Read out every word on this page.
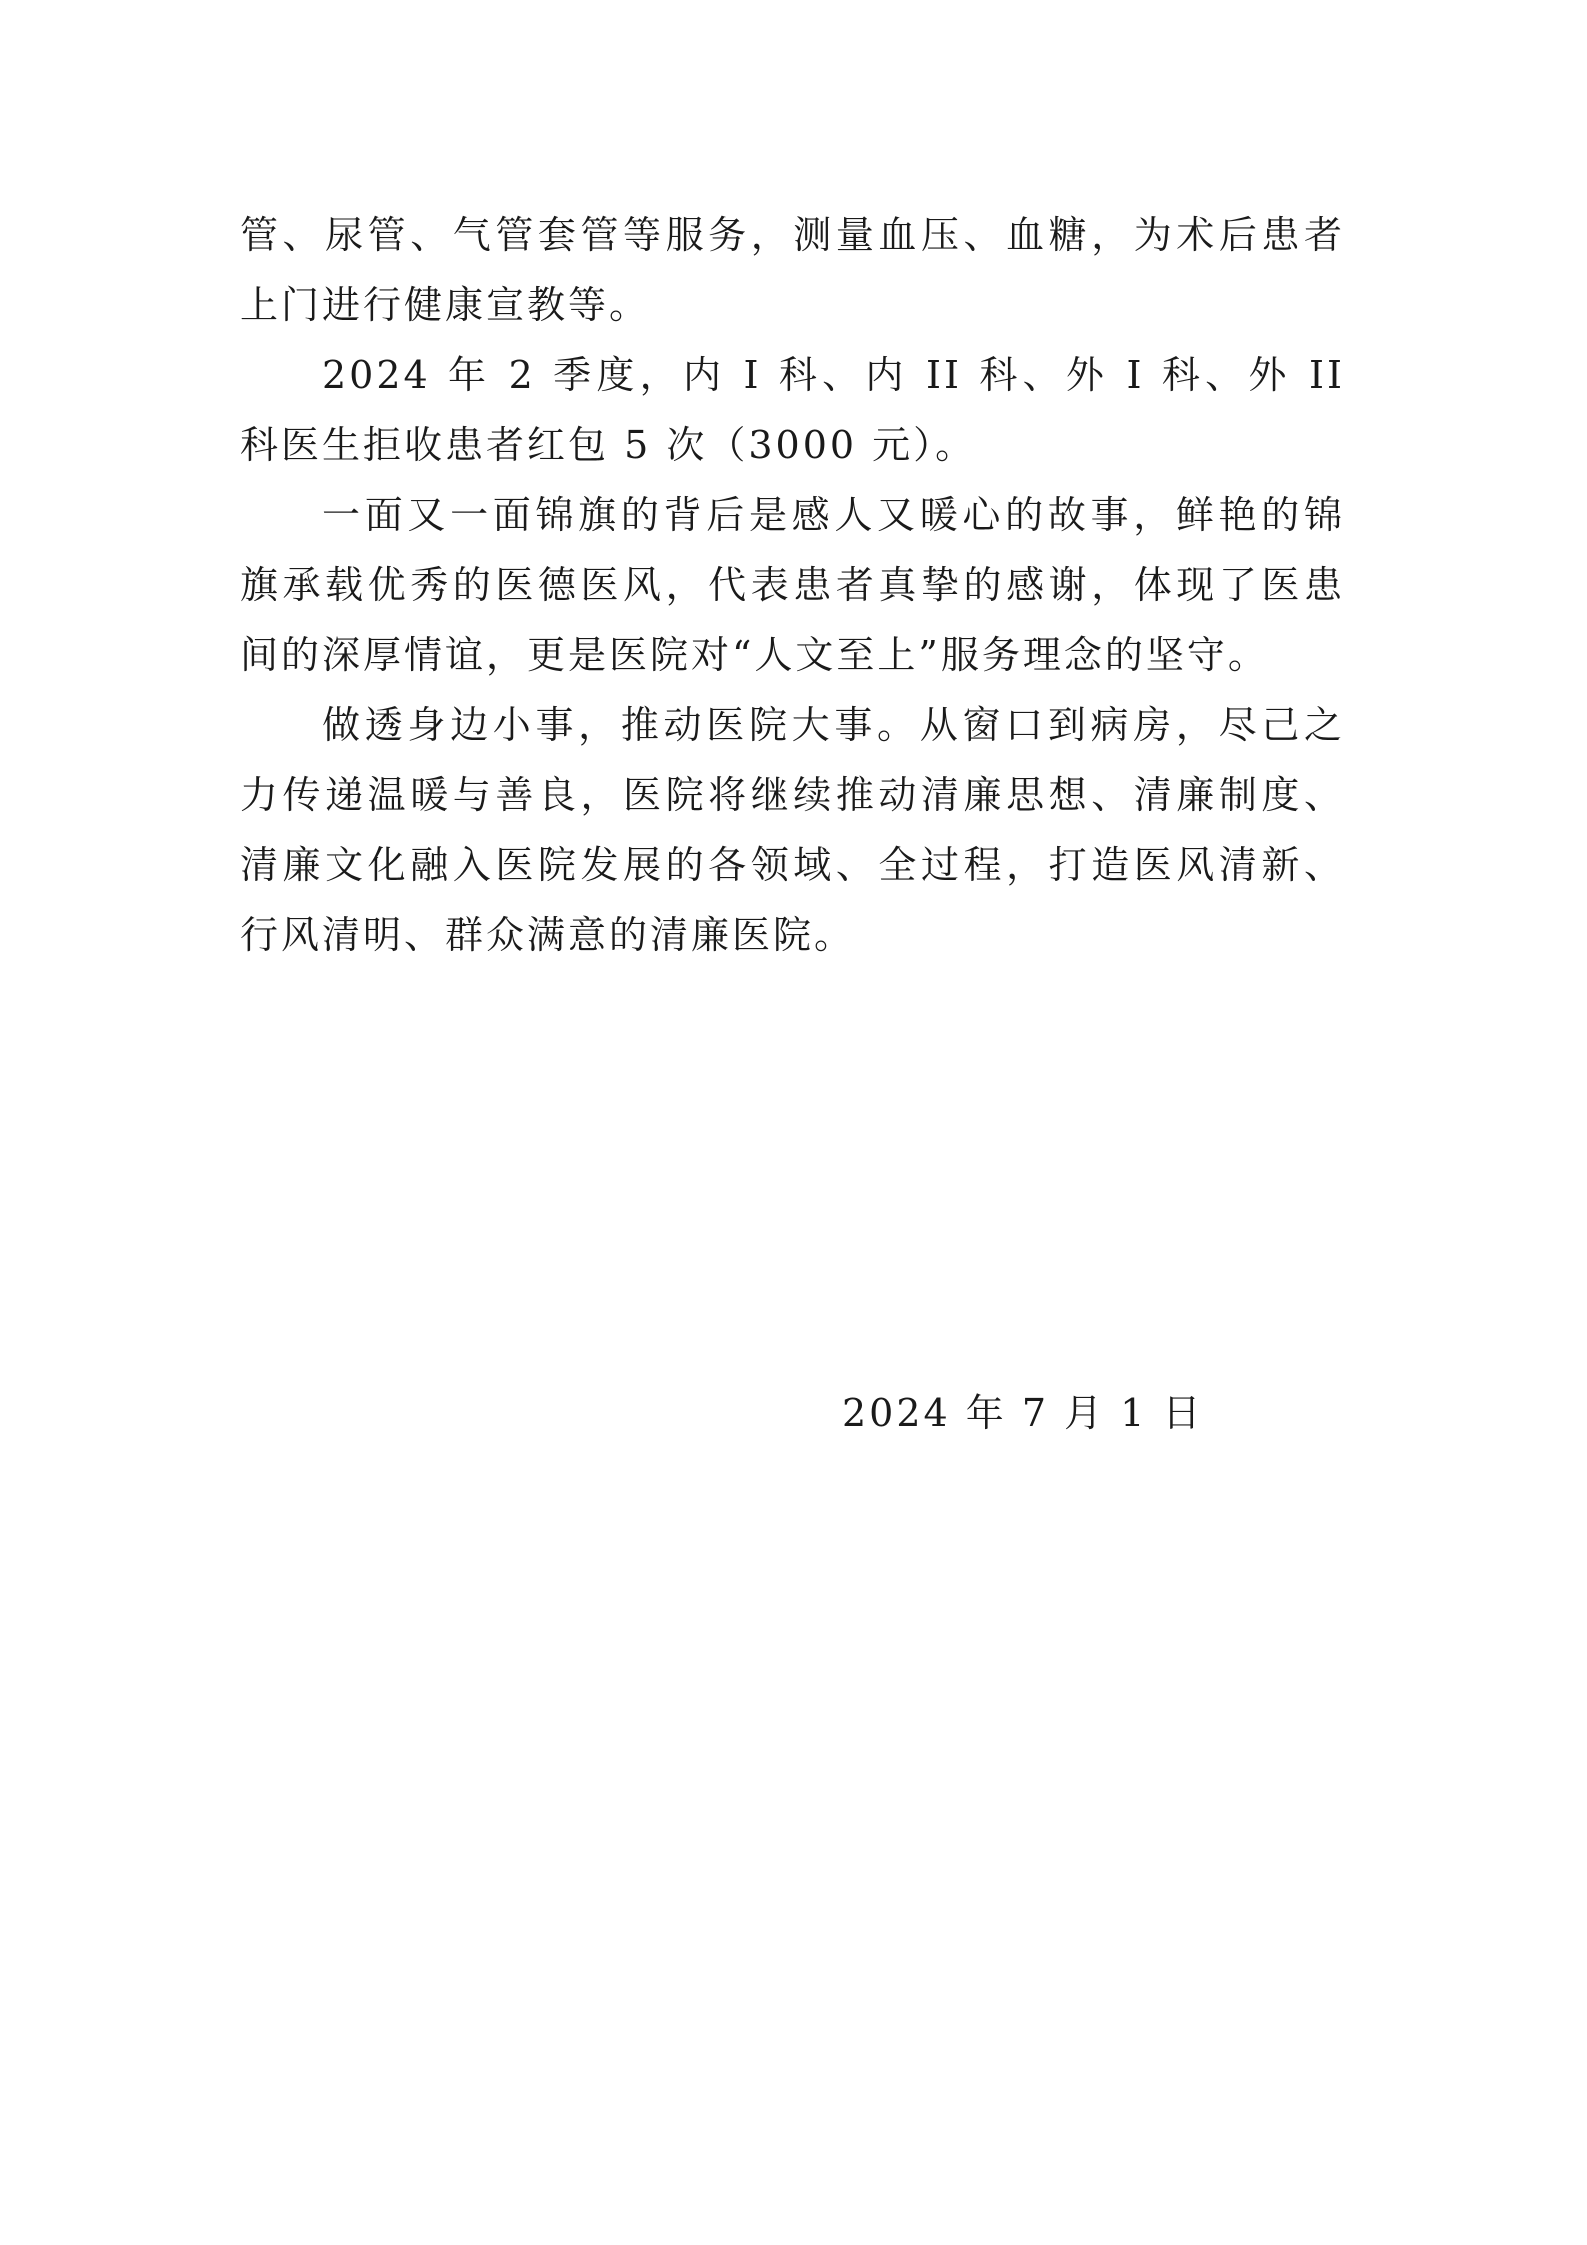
管、尿管、气管套管等服务，测量血压、血糖，为术后患者上门进行健康宣教等。

2024 年 2 季度，内 I 科、内 II 科、外 I 科、外 II 科医生拒收患者红包 5 次（3000 元）。

一面又一面锦旗的背后是感人又暖心的故事，鲜艳的锦旗承载优秀的医德医风，代表患者真挚的感谢，体现了医患间的深厚情谊，更是医院对“人文至上”服务理念的坚守。

做透身边小事，推动医院大事。从窗口到病房，尽己之力传递温暖与善良，医院将继续推动清廉思想、清廉制度、清廉文化融入医院发展的各领域、全过程，打造医风清新、行风清明、群众满意的清廉医院。

2024 年 7 月 1 日
